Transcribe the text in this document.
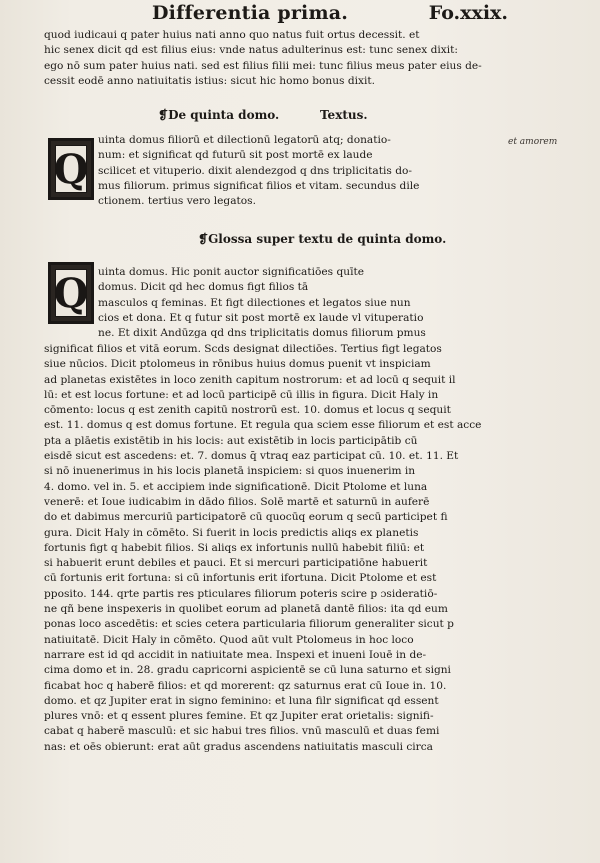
Differentia prima.	Fo.xxix.
quod iudicaui q pater huius nati anno quo natus fuit ortus decessit. et
hic senex dicit qd est filius eius: vnde natus adulterinus est: tunc senex dixit:
ego nō sum pater huius nati. sed est filius filii mei: tunc filius meus pater eius de-
cessit eodē anno natiuitatis istius: sicut hic homo bonus dixit.
❡De quinta domo.	Textus.
Q
uinta domus filiorū et dilectionū legatorū atq; donatio-
num: et significat qd futurū sit post mortē ex laude
scilicet et vituperio. dixit alendezgod q dns triplicitatis do-
mus filiorum. primus significat filios et vitam. secundus dile
ctionem. tertius vero legatos.
et amorem
❡Glossa super textu de quinta domo.
Q uinta domus. Hic ponit auctor significatiōes quīte
domus. Dicit qd hec domus figt filios tā
masculos q feminas. Et figt dilectiones et legatos siue nun
cios et dona. Et q futur sit post mortē ex laude vl vituperatio
ne. Et dixit Andūzga qd dns triplicitatis domus filiorum pmus
significat filios et vitā eorum. Scds designat dilectiōes. Tertius figt legatos
siue nūcios. Dicit ptolomeus in rōnibus huius domus puenit vt inspiciam
ad planetas existētes in loco zenith capitum nostrorum: et ad locū q sequit il
lū: et est locus fortune: et ad locū participē cū illis in figura. Dicit Haly in
cōmento: locus q est zenith capitū nostrorū est. 10. domus et locus q sequit
est. 11. domus q est domus fortune. Et regula qua sciem esse filiorum et est acce
pta a plāetis existētib in his locis: aut existētib in locis participātib cū
eisdē sicut est ascedens: et. 7. domus q̄ vtraq eaz participat cū. 10. et. 11. Et
si nō inuenerimus in his locis planetā inspiciem: si quos inuenerim in
4. domo. vel in. 5. et accipiem inde significationē. Dicit Ptolome et luna
venerē: et Ioue iudicabim in dādo filios. Solē martē et saturnū in auferē
do et dabimus mercuriū participatorē cū quocūq eorum q secū participet fi
gura. Dicit Haly in cōmēto. Si fuerit in locis predictis aliqs ex planetis
fortunis figt q habebit filios. Si aliqs ex infortunis nullū habebit filiū: et
si habuerit erunt debiles et pauci. Et si mercuri participatiōne habuerit
cū fortunis erit fortuna: si cū infortunis erit ifortuna. Dicit Ptolome et est
pposito. 144. qrte partis res pticulares filiorum poteris scire p ɔsideratiō-
ne qñ bene inspexeris in quolibet eorum ad planetā dantē filios: ita qd eum
ponas loco ascedētis: et scies cetera particularia filiorum generaliter sicut p
natiuitatē. Dicit Haly in cōmēto. Quod aūt vult Ptolomeus in hoc loco
narrare est id qd accidit in natiuitate mea. Inspexi et inueni Iouē in de-
cima domo et in. 28. gradu capricorni aspicientē se cū luna saturno et signi
ficabat hoc q haberē filios: et qd morerent: qz saturnus erat cū Ioue in. 10.
domo. et qz Jupiter erat in signo feminino: et luna filr significat qd essent
plures vnō: et q essent plures femine. Et qz Jupiter erat orietalis: signifi-
cabat q haberē masculū: et sic habui tres filios. vnū masculū et duas femi
nas: et oēs obierunt: erat aūt gradus ascendens natiuitatis masculi circa
